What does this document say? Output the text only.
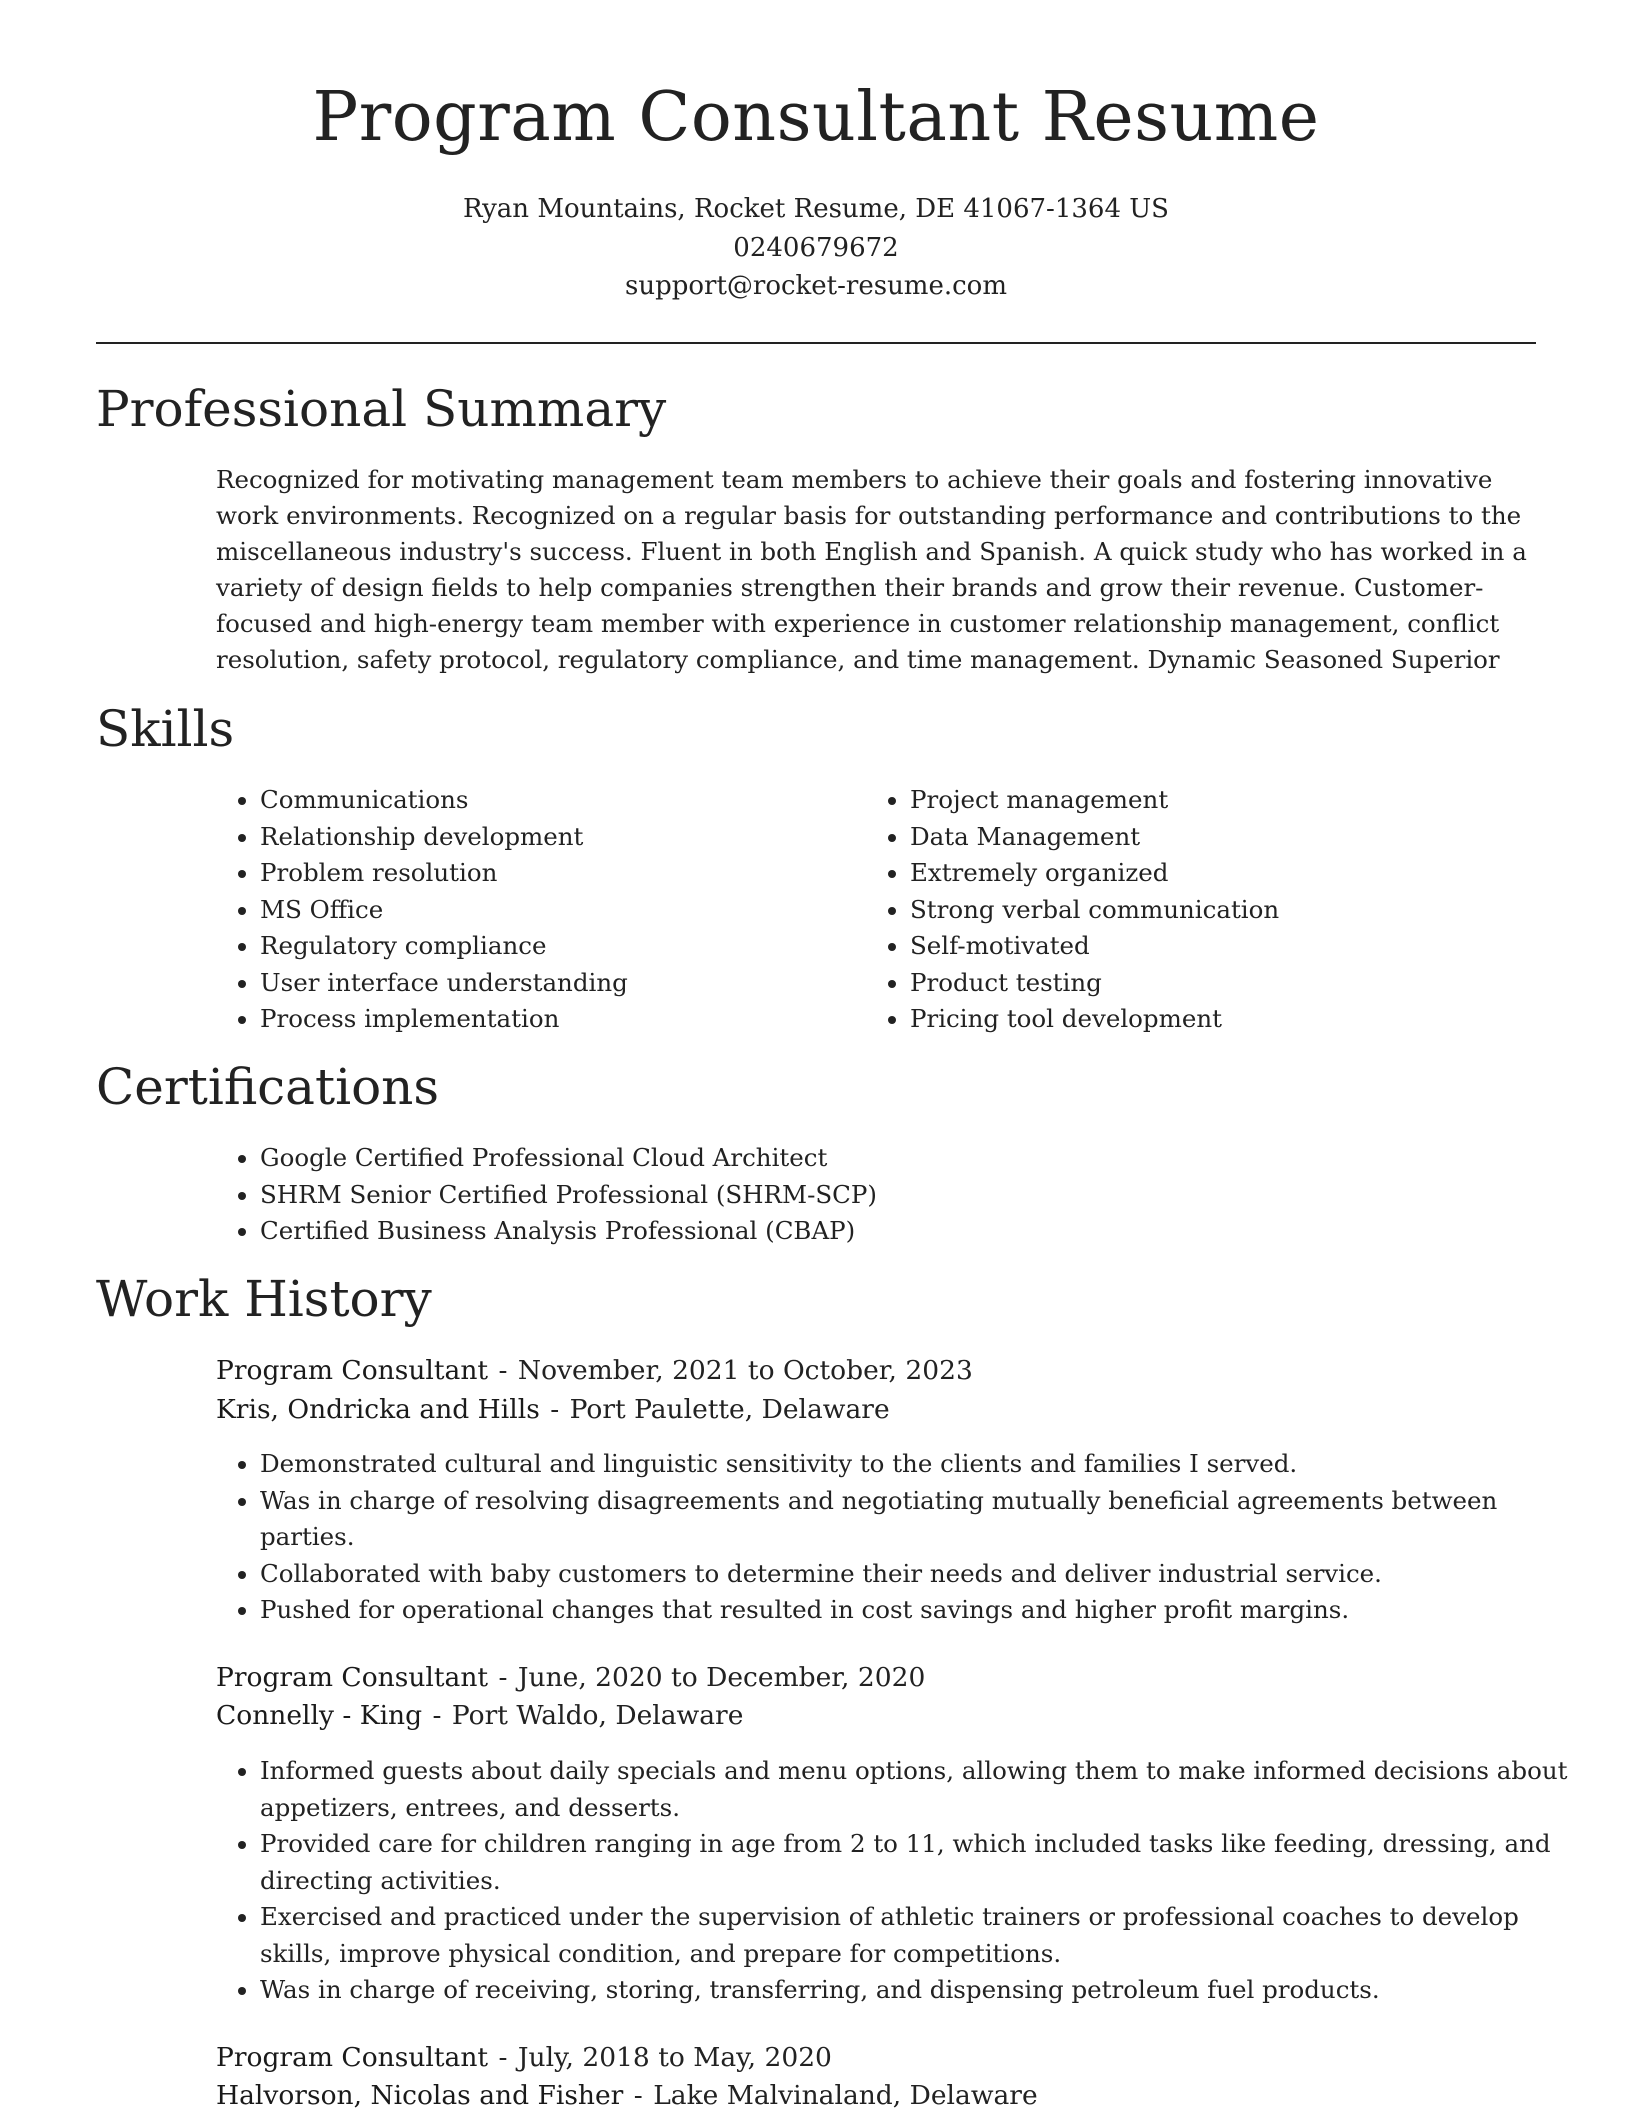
Program Consultant Resume
Ryan Mountains, Rocket Resume, DE 41067-1364 US
0240679672
support@rocket-resume.com
Professional Summary
Recognized for motivating management team members to achieve their goals and fostering innovative work environments. Recognized on a regular basis for outstanding performance and contributions to the miscellaneous industry's success. Fluent in both English and Spanish. A quick study who has worked in a variety of design fields to help companies strengthen their brands and grow their revenue. Customer-focused and high-energy team member with experience in customer relationship management, conflict resolution, safety protocol, regulatory compliance, and time management. Dynamic Seasoned Superior
Skills
• Communications
• Relationship development
• Problem resolution
• MS Office
• Regulatory compliance
• User interface understanding
• Process implementation
• Project management
• Data Management
• Extremely organized
• Strong verbal communication
• Self-motivated
• Product testing
• Pricing tool development
Certifications
• Google Certified Professional Cloud Architect
• SHRM Senior Certified Professional (SHRM-SCP)
• Certified Business Analysis Professional (CBAP)
Work History
Program Consultant - November, 2021 to October, 2023
Kris, Ondricka and Hills - Port Paulette, Delaware
• Demonstrated cultural and linguistic sensitivity to the clients and families I served.
• Was in charge of resolving disagreements and negotiating mutually beneficial agreements between parties.
• Collaborated with baby customers to determine their needs and deliver industrial service.
• Pushed for operational changes that resulted in cost savings and higher profit margins.
Program Consultant - June, 2020 to December, 2020
Connelly - King - Port Waldo, Delaware
• Informed guests about daily specials and menu options, allowing them to make informed decisions about appetizers, entrees, and desserts.
• Provided care for children ranging in age from 2 to 11, which included tasks like feeding, dressing, and directing activities.
• Exercised and practiced under the supervision of athletic trainers or professional coaches to develop skills, improve physical condition, and prepare for competitions.
• Was in charge of receiving, storing, transferring, and dispensing petroleum fuel products.
Program Consultant - July, 2018 to May, 2020
Halvorson, Nicolas and Fisher - Lake Malvinaland, Delaware
